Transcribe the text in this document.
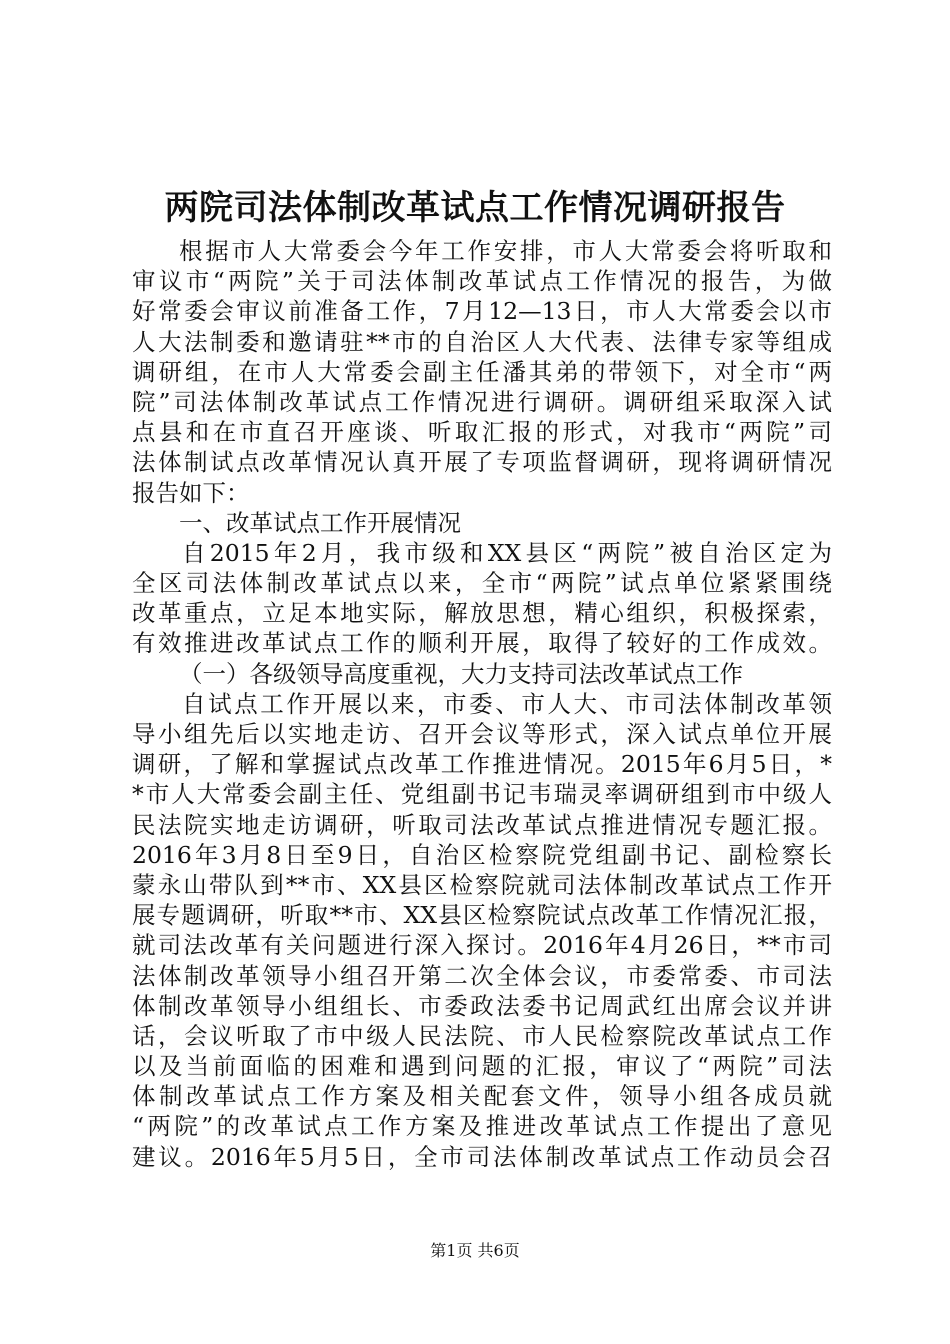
两院司法体制改革试点工作情况调研报告
根据市人大常委会今年工作安排，市人大常委会将听取和
审议市“两院”关于司法体制改革试点工作情况的报告，为做
好常委会审议前准备工作，7月12—13日，市人大常委会以市
人大法制委和邀请驻**市的自治区人大代表、法律专家等组成
调研组，在市人大常委会副主任潘其弟的带领下，对全市“两
院”司法体制改革试点工作情况进行调研。调研组采取深入试
点县和在市直召开座谈、听取汇报的形式，对我市“两院”司
法体制试点改革情况认真开展了专项监督调研，现将调研情况
报告如下：
一、改革试点工作开展情况
自2015年2月，我市级和XX县区“两院”被自治区定为
全区司法体制改革试点以来，全市“两院”试点单位紧紧围绕
改革重点，立足本地实际，解放思想，精心组织，积极探索，
有效推进改革试点工作的顺利开展，取得了较好的工作成效。
（一）各级领导高度重视，大力支持司法改革试点工作
自试点工作开展以来，市委、市人大、市司法体制改革领
导小组先后以实地走访、召开会议等形式，深入试点单位开展
调研，了解和掌握试点改革工作推进情况。2015年6月5日，*
*市人大常委会副主任、党组副书记韦瑞灵率调研组到市中级人
民法院实地走访调研，听取司法改革试点推进情况专题汇报。
2016年3月8日至9日，自治区检察院党组副书记、副检察长
蒙永山带队到**市、XX县区检察院就司法体制改革试点工作开
展专题调研，听取**市、XX县区检察院试点改革工作情况汇报，
就司法改革有关问题进行深入探讨。2016年4月26日，**市司
法体制改革领导小组召开第二次全体会议，市委常委、市司法
体制改革领导小组组长、市委政法委书记周武红出席会议并讲
话，会议听取了市中级人民法院、市人民检察院改革试点工作
以及当前面临的困难和遇到问题的汇报，审议了“两院”司法
体制改革试点工作方案及相关配套文件，领导小组各成员就
“两院”的改革试点工作方案及推进改革试点工作提出了意见
建议。2016年5月5日，全市司法体制改革试点工作动员会召
第1页 共6页
